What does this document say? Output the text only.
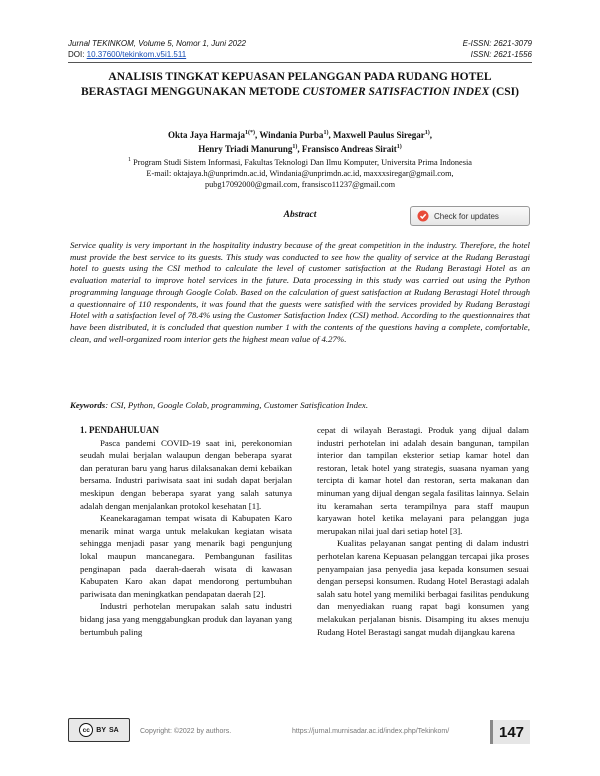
Jurnal TEKINKOM, Volume 5, Nomor 1, Juni 2022
DOI: 10.37600/tekinkom.v5i1.511
E-ISSN: 2621-3079
ISSN: 2621-1556
ANALISIS TINGKAT KEPUASAN PELANGGAN PADA RUDANG HOTEL
BERASTAGI MENGGUNAKAN METODE CUSTOMER SATISFACTION INDEX (CSI)
Okta Jaya Harmaja$^{1(*)}$, Windania Purba$^{1)}$, Maxwell Paulus Siregar$^{1)}$,
Henry Triadi Manurung$^{1)}$, Fransisco Andreas Sirait$^{1)}$
$^1$ Program Studi Sistem Informasi, Fakultas Teknologi Dan Ilmu Komputer, Universita Prima Indonesia
E-mail: oktajaya.h@unprimdn.ac.id, Windania@unprimdn.ac.id, maxxxsiregar@gmail.com,
pubg17092000@gmail.com, fransisco11237@gmail.com
Abstract	Check for updates
Service quality is very important in the hospitality industry because of the great competition in the industry. Therefore, the hotel must provide the best service to its guests. This study was conducted to see how the quality of service at the Rudang Berastagi hotel to guests using the CSI method to calculate the level of customer satisfaction at the Rudang Berastagi Hotel as an evaluation material to improve hotel services in the future. Data processing in this study was carried out using the Python programming language through Google Colab. Based on the calculation of guest satisfaction at Rudang Berastagi Hotel through a questionnaire of 110 respondents, it was found that the guests were satisfied with the services provided by Rudang Berastagi Hotel with a satisfaction level of 78.4% using the Customer Satisfaction Index (CSI) method. According to the questionnaires that have been distributed, it is concluded that question number 1 with the contents of the questions having a complete, comfortable, clean, and well-organized room interior gets the highest mean value of 4.27%.
Keywords: CSI, Python, Google Colab, programming, Customer Satisfication Index.
1. PENDAHULUAN

Pasca pandemi COVID-19 saat ini, perekonomian seudah mulai berjalan walaupun dengan beberapa syarat dan peraturan baru yang harus dilaksanakan demi kebaikan bersama. Industri pariwisata saat ini sudah dapat berjalan meskipun dengan beberapa syarat yang salah satunya adalah dengan menjalankan protokol kesehatan [1].

Keanekaragaman tempat wisata di Kabupaten Karo menarik minat warga untuk melakukan kegiatan wisata sehingga menjadi pasar yang menarik bagi pengunjung lokal maupun mancanegara. Pembangunan fasilitas penginapan pada daerah-daerah wisata di kawasan Kabupaten Karo akan dapat mendorong pertumbuhan pariwisata dan meningkatkan pendapatan daerah [2].

Industri perhotelan merupakan salah satu industri bidang jasa yang menggabungkan produk dan layanan yang bertumbuh paling

cepat di wilayah Berastagi. Produk yang dijual dalam industri perhotelan ini adalah desain bangunan, tampilan interior dan tampilan eksterior setiap kamar hotel dan restoran, letak hotel yang strategis, suasana nyaman yang tercipta di kamar hotel dan restoran, serta makanan dan minuman yang dijual dengan segala fasilitas lainnya. Selain itu keramahan serta terampilnya para staff maupun karyawan hotel ketika melayani para pelanggan juga merupakan nilai jual dari setiap hotel [3].

Kualitas pelayanan sangat penting di dalam industri perhotelan karena Kepuasan pelanggan tercapai jika proses penyampaian jasa penyedia jasa kepada konsumen sesuai dengan persepsi konsumen. Rudang Hotel Berastagi adalah salah satu hotel yang memiliki berbagai fasilitas pendukung dan menyediakan ruang rapat bagi konsumen yang melakukan perjalanan bisnis. Disamping itu akses menuju Rudang Hotel Berastagi sangat mudah dijangkau karena

cc BY SA	Copyright: ©2022 by authors.	https://jurnal.murnisadar.ac.id/index.php/Tekinkom/	147
